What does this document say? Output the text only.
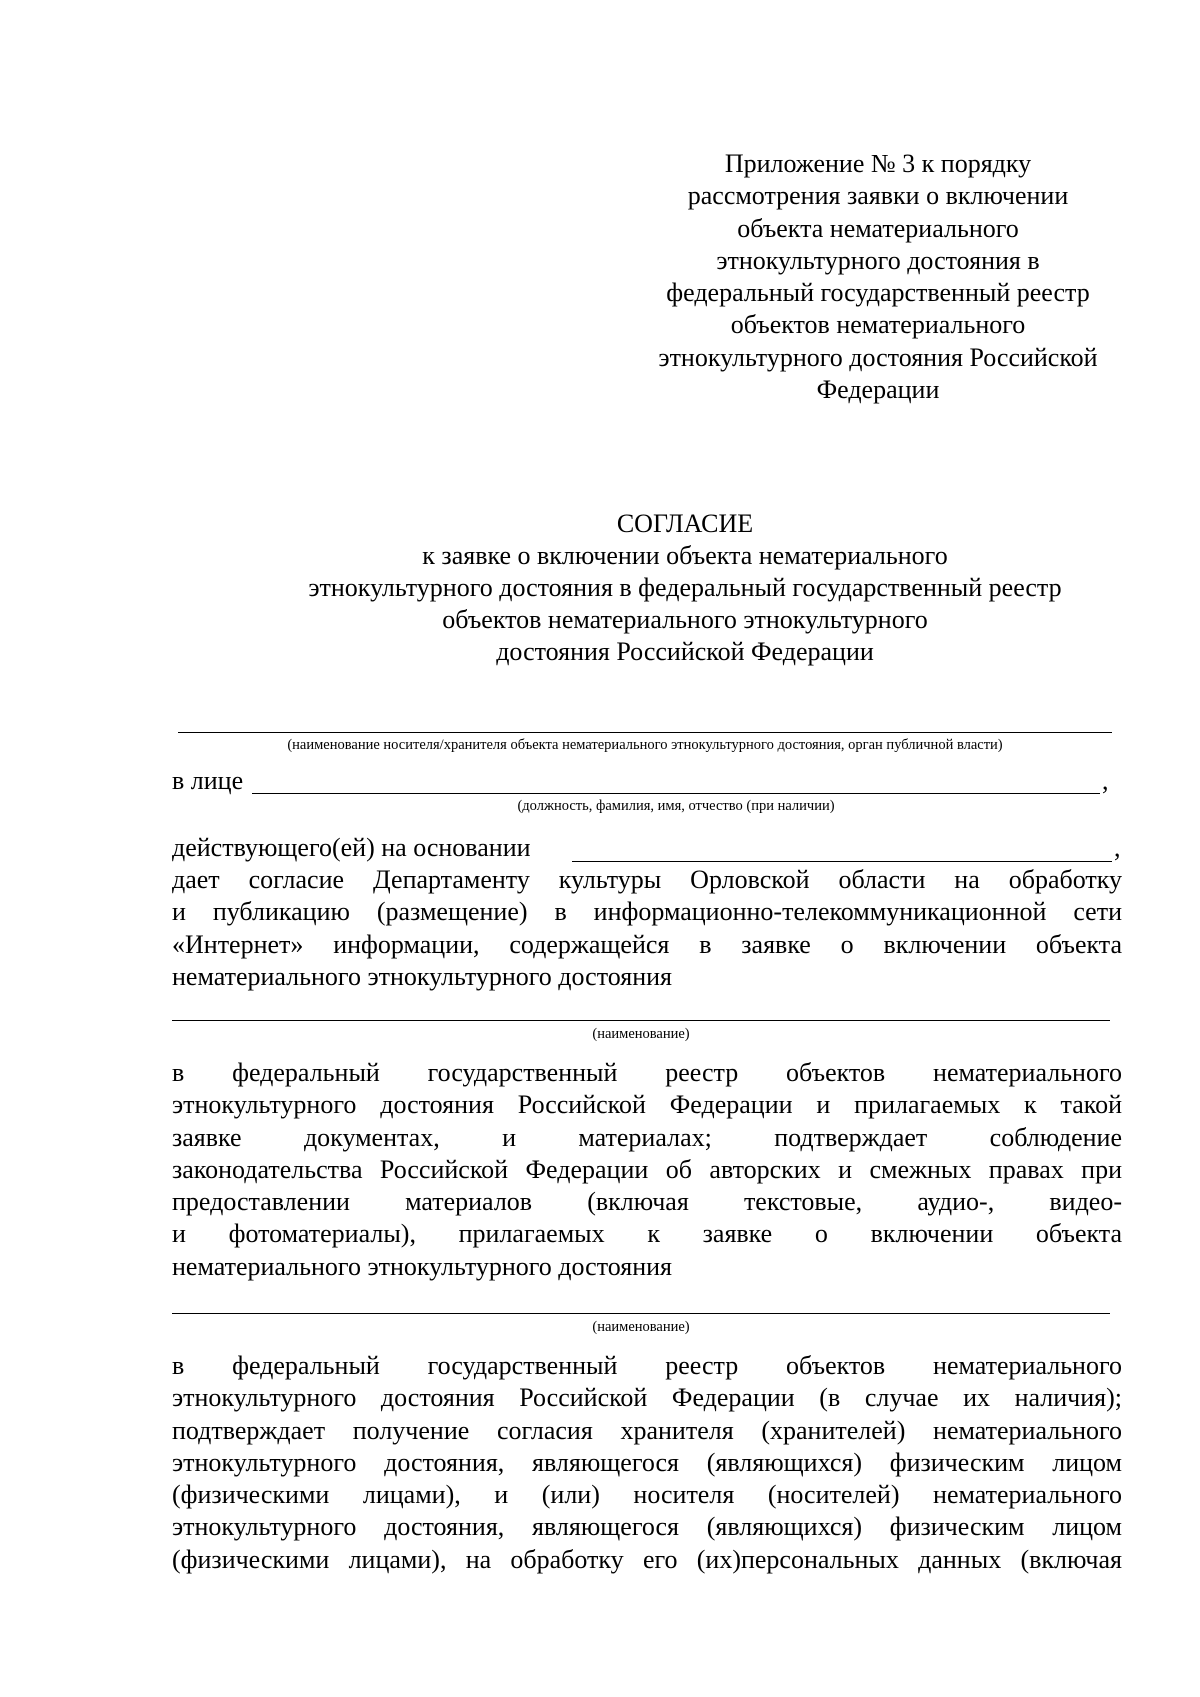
Приложение № 3 к порядку
рассмотрения заявки о включении
объекта нематериального
этнокультурного достояния в
федеральный государственный реестр
объектов нематериального
этнокультурного достояния Российской
Федерации
СОГЛАСИЕ
к заявке о включении объекта нематериального
этнокультурного достояния в федеральный государственный реестр
объектов нематериального этнокультурного
достояния Российской Федерации
(наименование носителя/хранителя объекта нематериального этнокультурного достояния, орган публичной власти)
в лице	,
(должность, фамилия, имя, отчество (при наличии)
действующего(ей) на основании	,
дает согласие Департаменту культуры Орловской области на обработку
и публикацию (размещение) в информационно-телекоммуникационной сети
«Интернет» информации, содержащейся в заявке о включении объекта
нематериального этнокультурного достояния
(наименование)
в федеральный государственный реестр объектов нематериального
этнокультурного достояния Российской Федерации и прилагаемых к такой
заявке документах, и материалах; подтверждает соблюдение
законодательства Российской Федерации об авторских и смежных правах при
предоставлении материалов (включая текстовые, аудио-, видео-
и фотоматериалы), прилагаемых к заявке о включении объекта
нематериального этнокультурного достояния
(наименование)
в федеральный государственный реестр объектов нематериального
этнокультурного достояния Российской Федерации (в случае их наличия);
подтверждает получение согласия хранителя (хранителей) нематериального
этнокультурного достояния, являющегося (являющихся) физическим лицом
(физическими лицами), и (или) носителя (носителей) нематериального
этнокультурного достояния, являющегося (являющихся) физическим лицом
(физическими лицами), на обработку его (их)персональных данных (включая
